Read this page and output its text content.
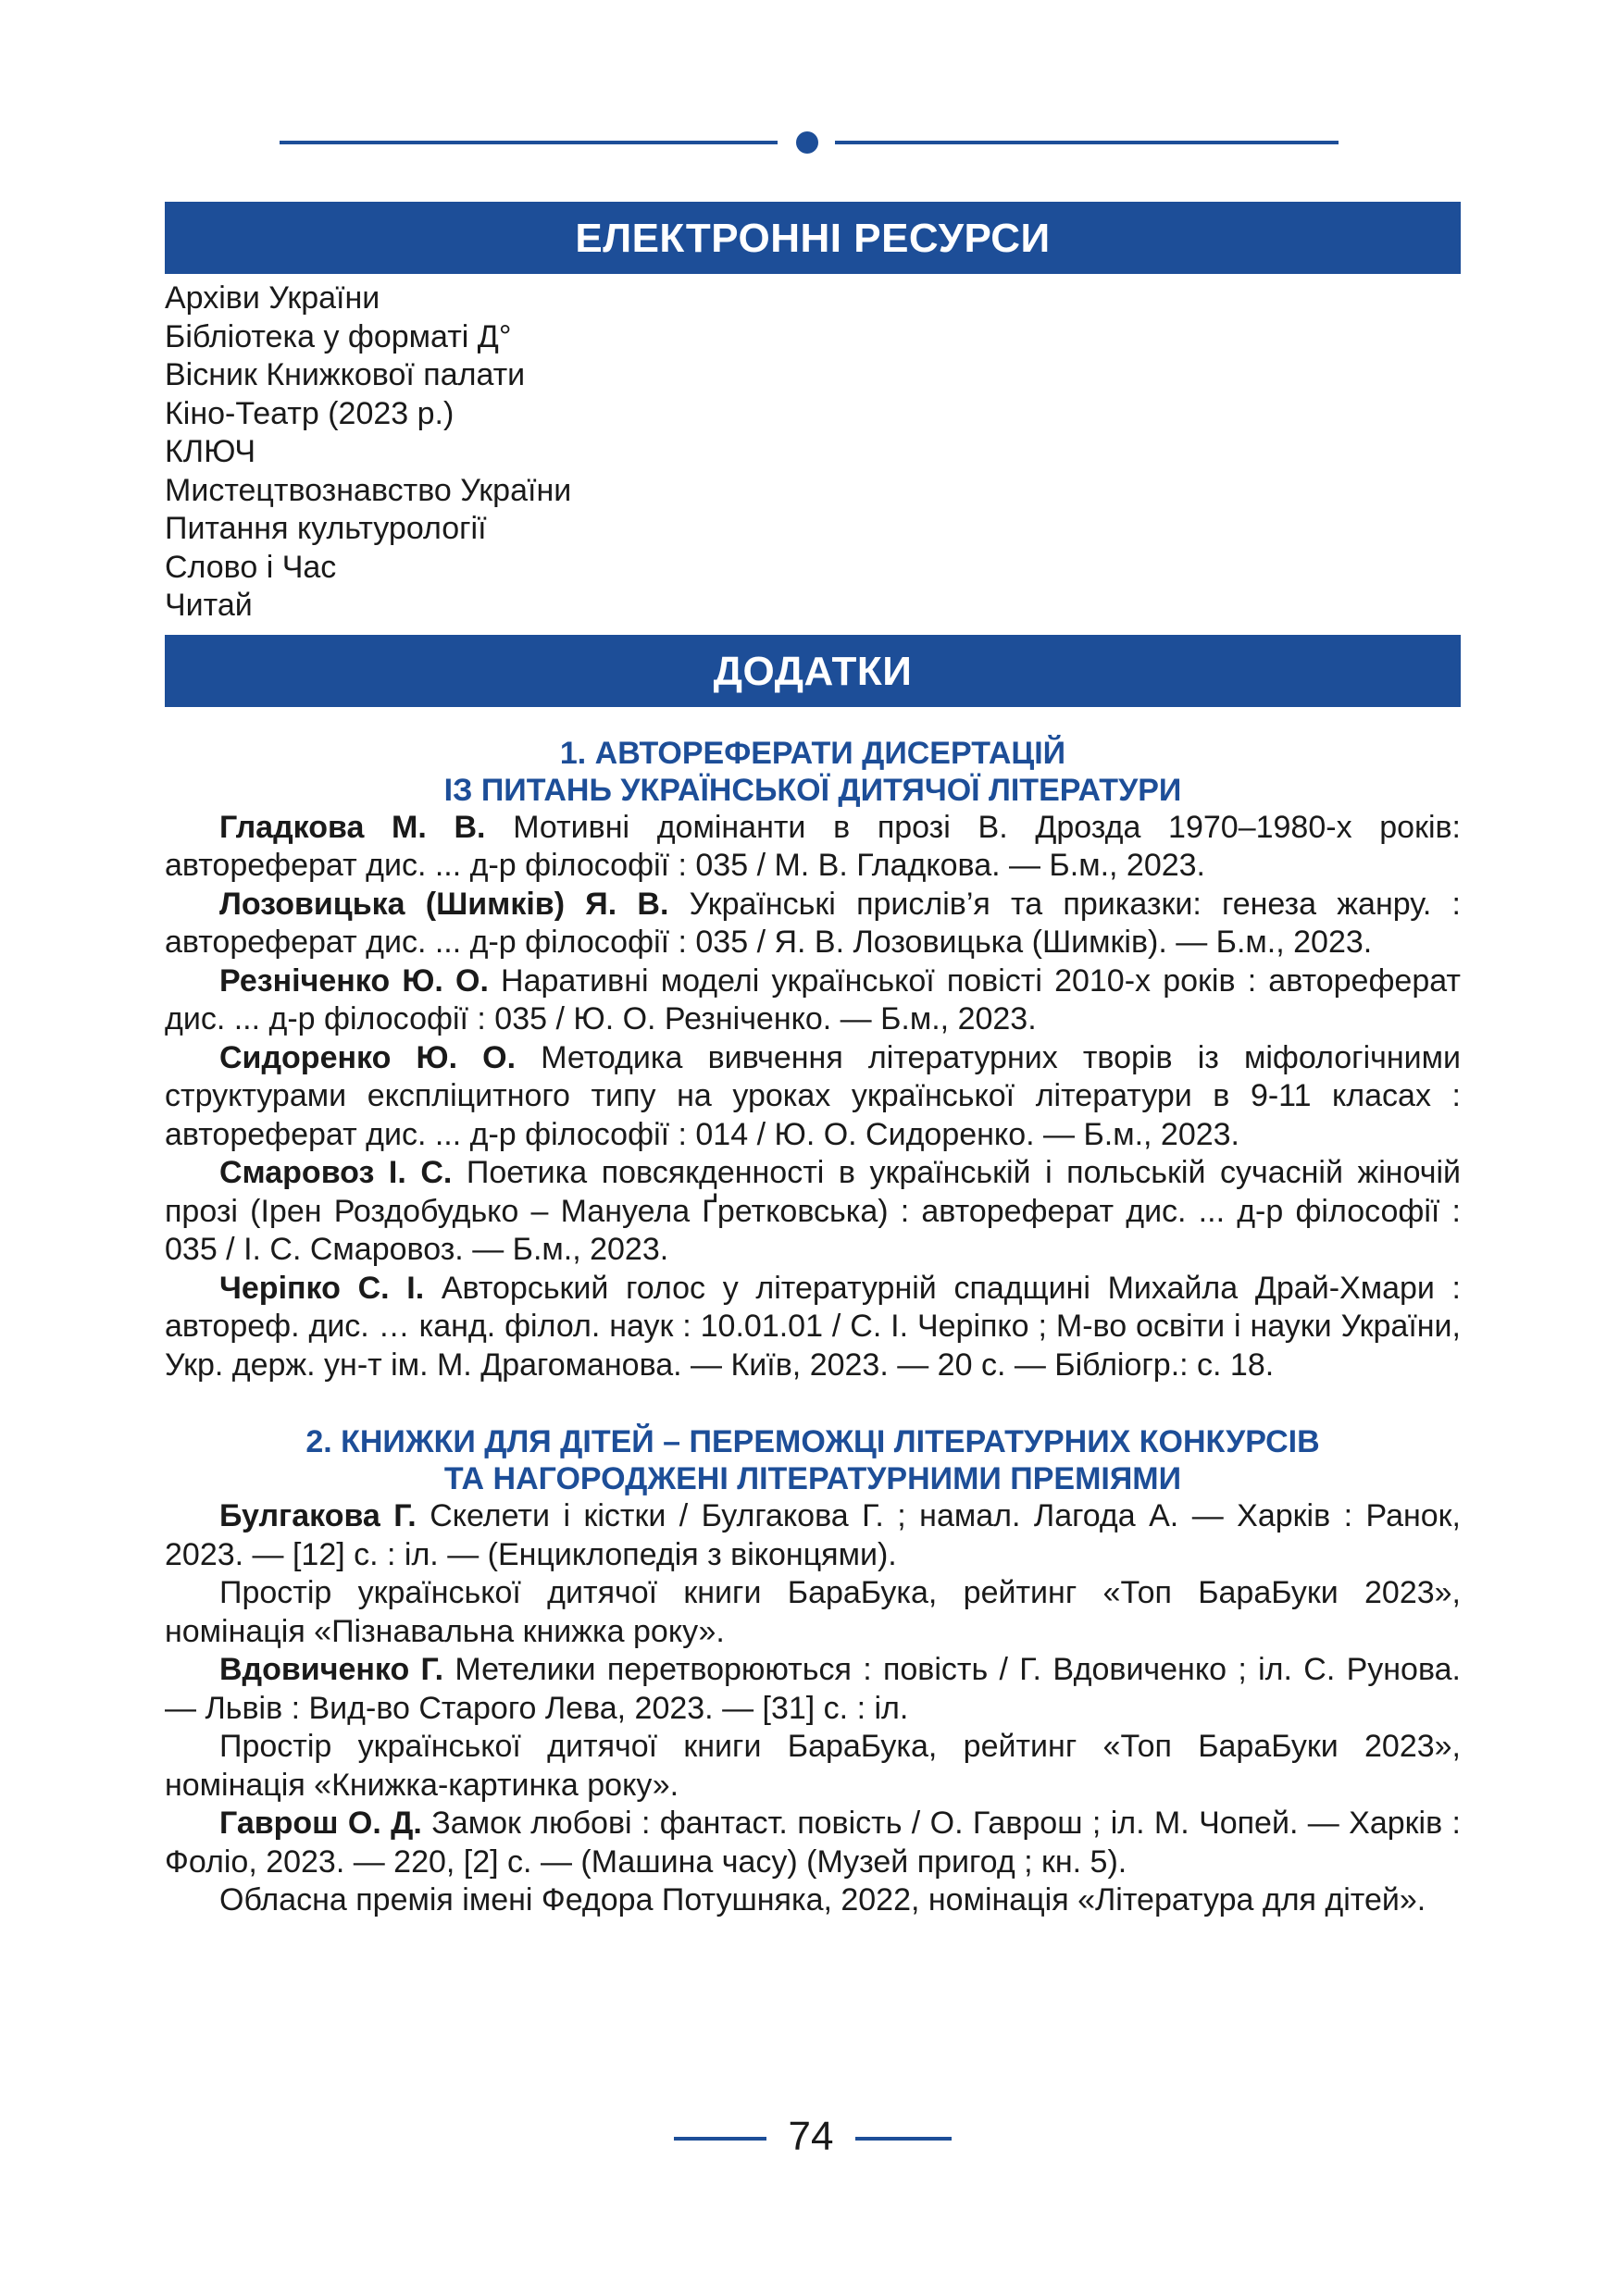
ЕЛЕКТРОННІ РЕСУРСИ
Архіви України
Бібліотека у форматі Д°
Вісник Книжкової палати
Кіно-Театр (2023 р.)
КЛЮЧ
Мистецтвознавство України
Питання культурології
Слово і Час
Читай
ДОДАТКИ
1. АВТОРЕФЕРАТИ ДИСЕРТАЦІЙ
ІЗ ПИТАНЬ УКРАЇНСЬКОЇ ДИТЯЧОЇ ЛІТЕРАТУРИ

Гладкова М. В. Мотивні домінанти в прозі В. Дрозда 1970–1980-х років: автореферат дис. ... д-р філософії : 035 / М. В. Гладкова. — Б.м., 2023.

Лозовицька (Шимків) Я. В. Українські прислів’я та приказки: генеза жанру. : автореферат дис. ... д-р філософії : 035 / Я. В. Лозовицька (Шимків). — Б.м., 2023.

Резніченко Ю. О. Наративні моделі української повісті 2010-х років : автореферат дис. ... д-р філософії : 035 / Ю. О. Резніченко. — Б.м., 2023.

Сидоренко Ю. О. Методика вивчення літературних творів із міфологічними структурами експліцитного типу на уроках української літератури в 9-11 класах : автореферат дис. ... д-р філософії : 014 / Ю. О. Сидоренко. — Б.м., 2023.

Смаровоз І. С. Поетика повсякденності в українській і польській сучасній жіночій прозі (Ірен Роздобудько – Мануела Ґретковська) : автореферат дис. ... д-р філософії : 035 / І. С. Смаровоз. — Б.м., 2023.

Черіпко С. І. Авторський голос у літературній спадщині Михайла Драй-Хмари : автореф. дис. … канд. філол. наук : 10.01.01 / С. І. Черіпко ; М-во освіти і науки України, Укр. держ. ун-т ім. М. Драгоманова. — Київ, 2023. — 20 с. — Бібліогр.: с. 18.

2. КНИЖКИ ДЛЯ ДІТЕЙ – ПЕРЕМОЖЦІ ЛІТЕРАТУРНИХ КОНКУРСІВ
ТА НАГОРОДЖЕНІ ЛІТЕРАТУРНИМИ ПРЕМІЯМИ

Булгакова Г. Скелети і кістки / Булгакова Г. ; намал. Лагода А. — Харків : Ранок, 2023. — [12] с. : іл. — (Енциклопедія з віконцями).

Простір української дитячої книги БараБука, рейтинг «Топ БараБуки 2023», номінація «Пізнавальна книжка року».

Вдовиченко Г. Метелики перетворюються : повість / Г. Вдовиченко ; іл. С. Рунова. — Львів : Вид-во Старого Лева, 2023. — [31] с. : іл.

Простір української дитячої книги БараБука, рейтинг «Топ БараБуки 2023», номінація «Книжка-картинка року».

Гаврош О. Д. Замок любові : фантаст. повість / О. Гаврош ; іл. М. Чопей. — Харків : Фоліо, 2023. — 220, [2] с. — (Машина часу) (Музей пригод ; кн. 5).

Обласна премія імені Федора Потушняка, 2022, номінація «Література для дітей».

74
